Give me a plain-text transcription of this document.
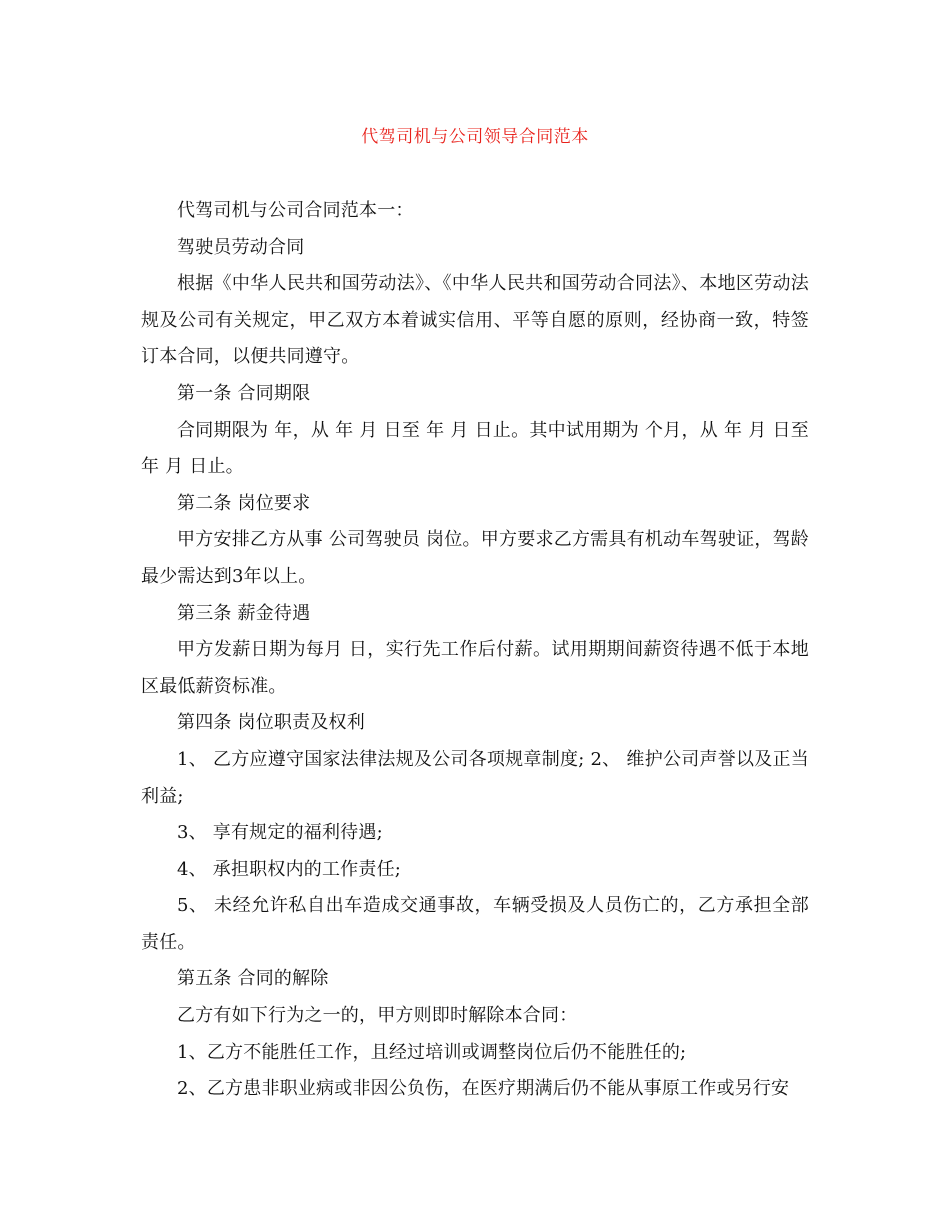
代驾司机与公司领导合同范本

代驾司机与公司合同范本一：

驾驶员劳动合同

根据《中华人民共和国劳动法》、《中华人民共和国劳动合同法》、本地区劳动法规及公司有关规定，甲乙双方本着诚实信用、平等自愿的原则，经协商一致，特签订本合同，以便共同遵守。

第一条 合同期限

合同期限为 年，从 年 月 日至 年 月 日止。其中试用期为 个月，从 年 月 日至 年 月 日止。

第二条 岗位要求

甲方安排乙方从事 公司驾驶员 岗位。甲方要求乙方需具有机动车驾驶证，驾龄最少需达到3年以上。

第三条 薪金待遇

甲方发薪日期为每月 日，实行先工作后付薪。试用期期间薪资待遇不低于本地区最低薪资标准。

第四条 岗位职责及权利

1、 乙方应遵守国家法律法规及公司各项规章制度; 2、 维护公司声誉以及正当利益;

3、 享有规定的福利待遇;

4、 承担职权内的工作责任;

5、 未经允许私自出车造成交通事故，车辆受损及人员伤亡的，乙方承担全部责任。

第五条 合同的解除

乙方有如下行为之一的，甲方则即时解除本合同：

1、乙方不能胜任工作，且经过培训或调整岗位后仍不能胜任的;

2、乙方患非职业病或非因公负伤，在医疗期满后仍不能从事原工作或另行安
